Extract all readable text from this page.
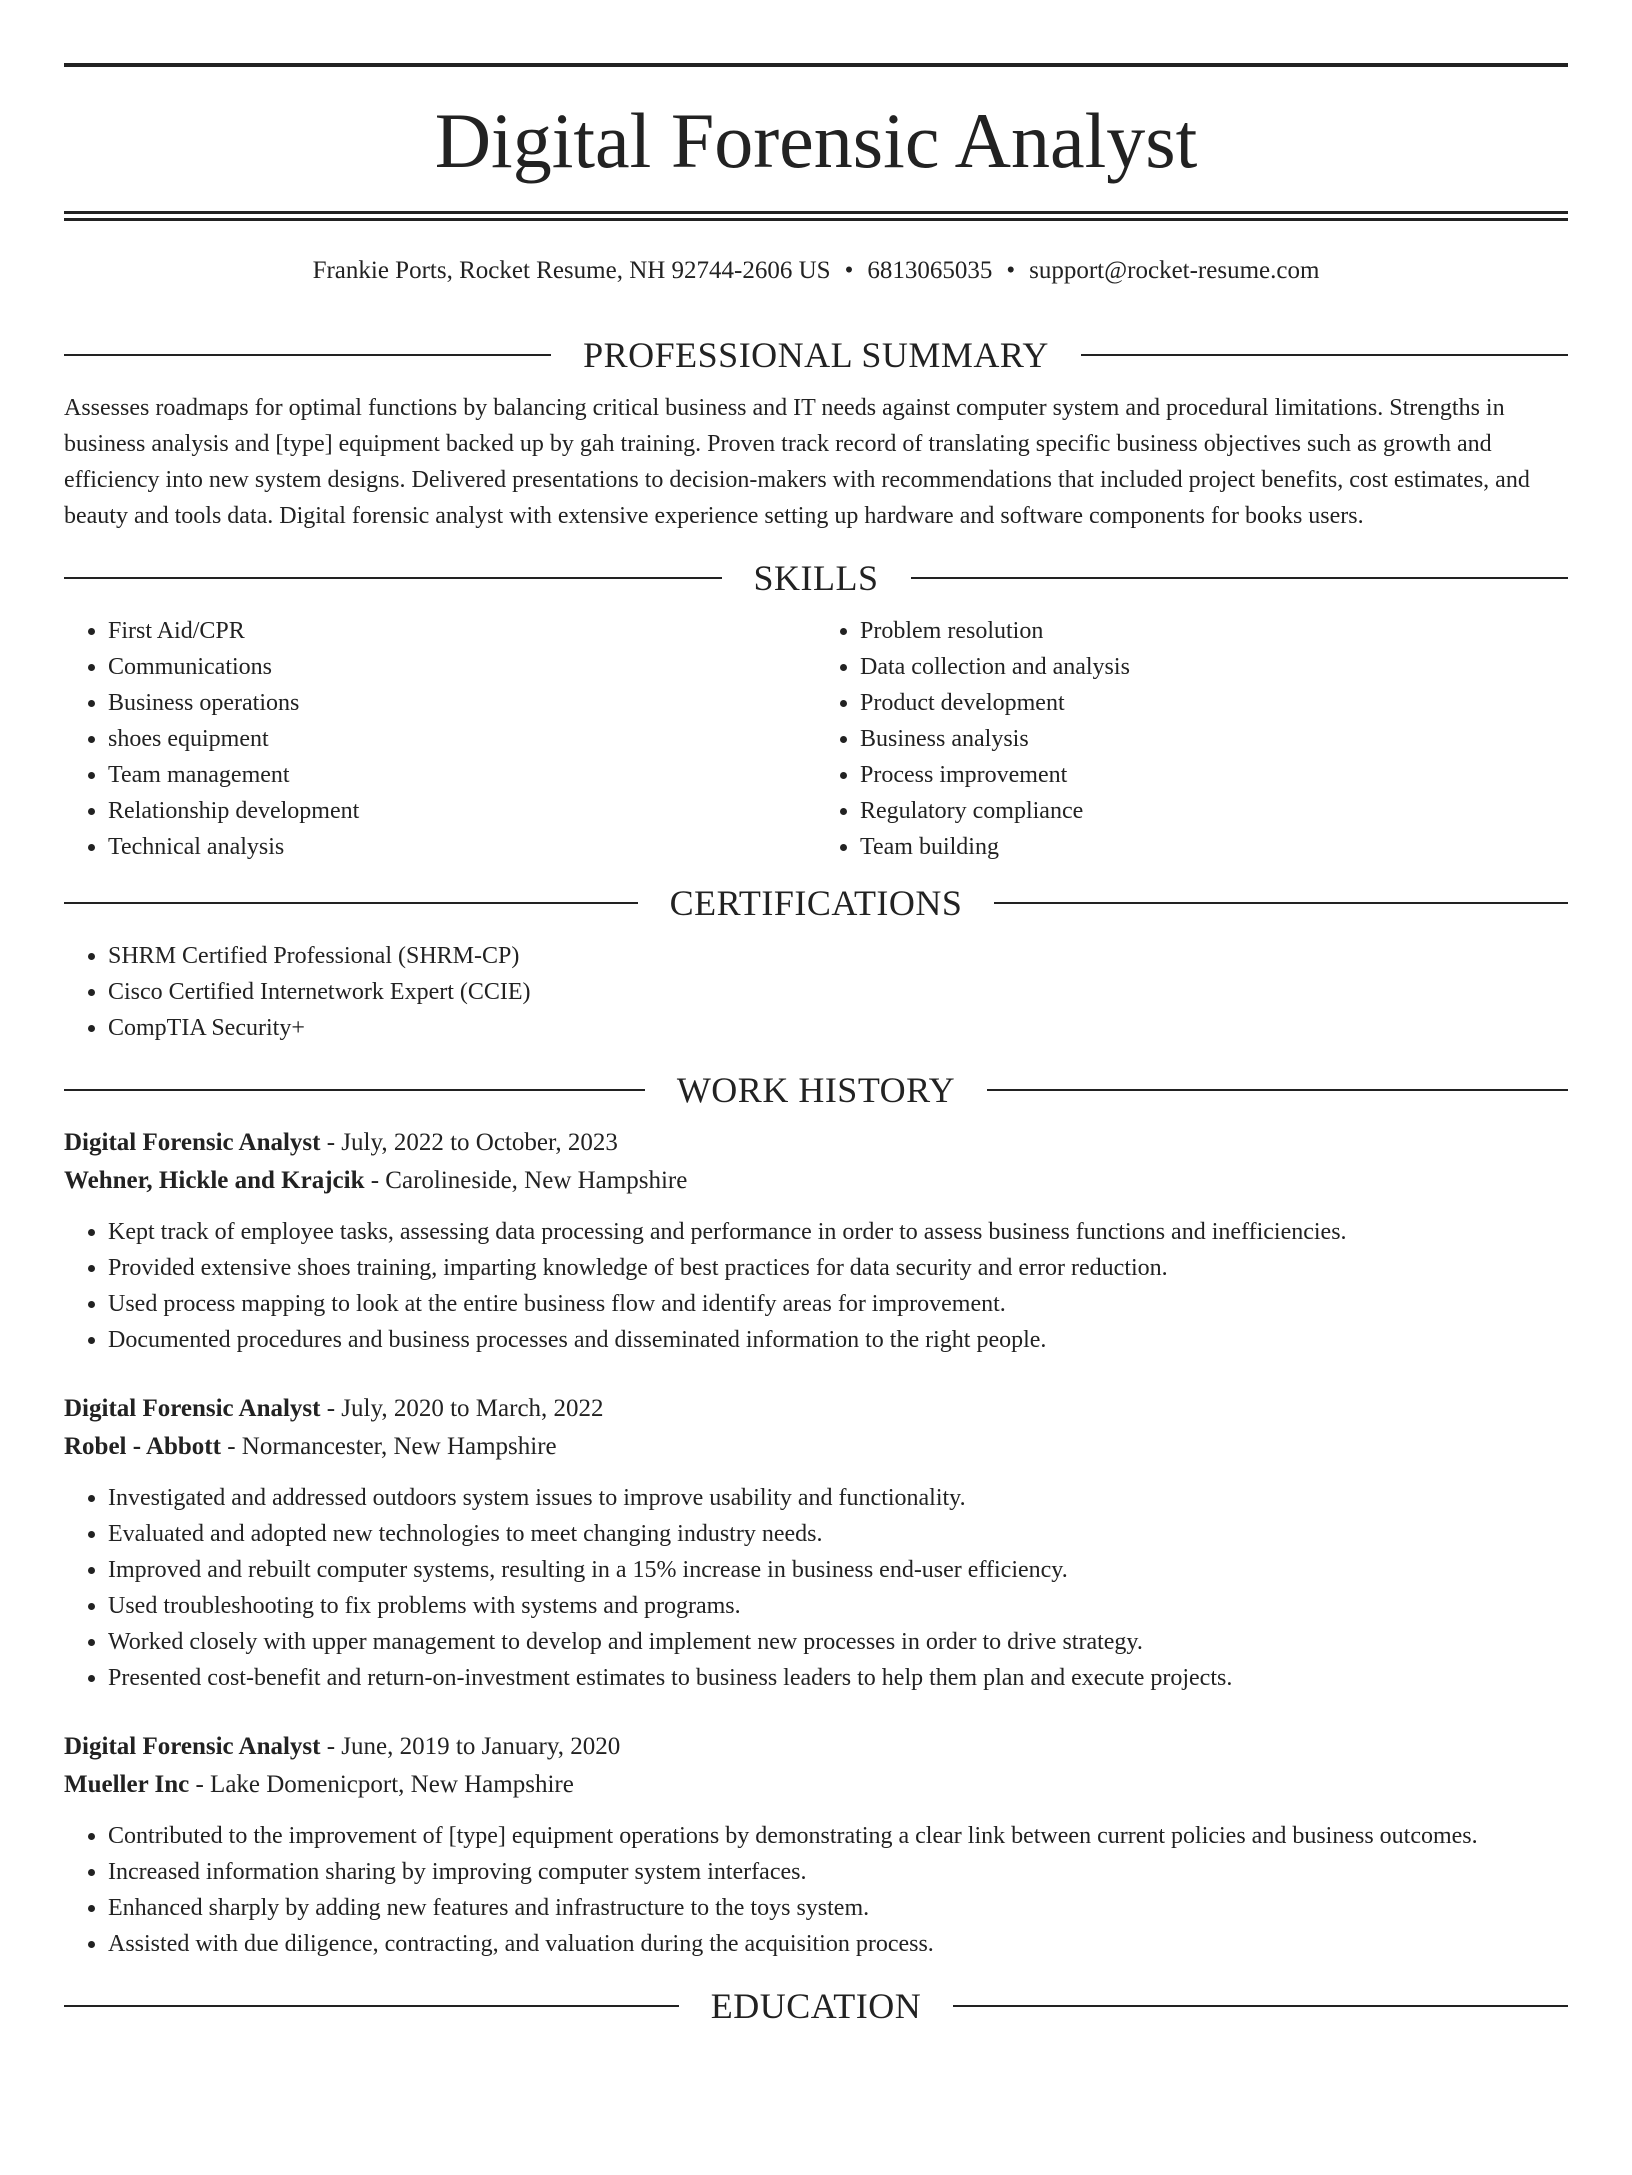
Digital Forensic Analyst
Frankie Ports, Rocket Resume, NH 92744-2606 US • 6813065035 • support@rocket-resume.com
PROFESSIONAL SUMMARY

Assesses roadmaps for optimal functions by balancing critical business and IT needs against computer system and procedural limitations. Strengths in business analysis and [type] equipment backed up by gah training. Proven track record of translating specific business objectives such as growth and efficiency into new system designs. Delivered presentations to decision-makers with recommendations that included project benefits, cost estimates, and beauty and tools data. Digital forensic analyst with extensive experience setting up hardware and software components for books users.

SKILLS
• First Aid/CPR
• Communications
• Business operations
• shoes equipment
• Team management
• Relationship development
• Technical analysis
• Problem resolution
• Data collection and analysis
• Product development
• Business analysis
• Process improvement
• Regulatory compliance
• Team building
CERTIFICATIONS
• SHRM Certified Professional (SHRM-CP)
• Cisco Certified Internetwork Expert (CCIE)
• CompTIA Security+
WORK HISTORY
Digital Forensic Analyst - July, 2022 to October, 2023
Wehner, Hickle and Krajcik - Carolineside, New Hampshire
• Kept track of employee tasks, assessing data processing and performance in order to assess business functions and inefficiencies.
• Provided extensive shoes training, imparting knowledge of best practices for data security and error reduction.
• Used process mapping to look at the entire business flow and identify areas for improvement.
• Documented procedures and business processes and disseminated information to the right people.
Digital Forensic Analyst - July, 2020 to March, 2022
Robel - Abbott - Normancester, New Hampshire
• Investigated and addressed outdoors system issues to improve usability and functionality.
• Evaluated and adopted new technologies to meet changing industry needs.
• Improved and rebuilt computer systems, resulting in a 15% increase in business end-user efficiency.
• Used troubleshooting to fix problems with systems and programs.
• Worked closely with upper management to develop and implement new processes in order to drive strategy.
• Presented cost-benefit and return-on-investment estimates to business leaders to help them plan and execute projects.
Digital Forensic Analyst - June, 2019 to January, 2020
Mueller Inc - Lake Domenicport, New Hampshire
• Contributed to the improvement of [type] equipment operations by demonstrating a clear link between current policies and business outcomes.
• Increased information sharing by improving computer system interfaces.
• Enhanced sharply by adding new features and infrastructure to the toys system.
• Assisted with due diligence, contracting, and valuation during the acquisition process.
EDUCATION
